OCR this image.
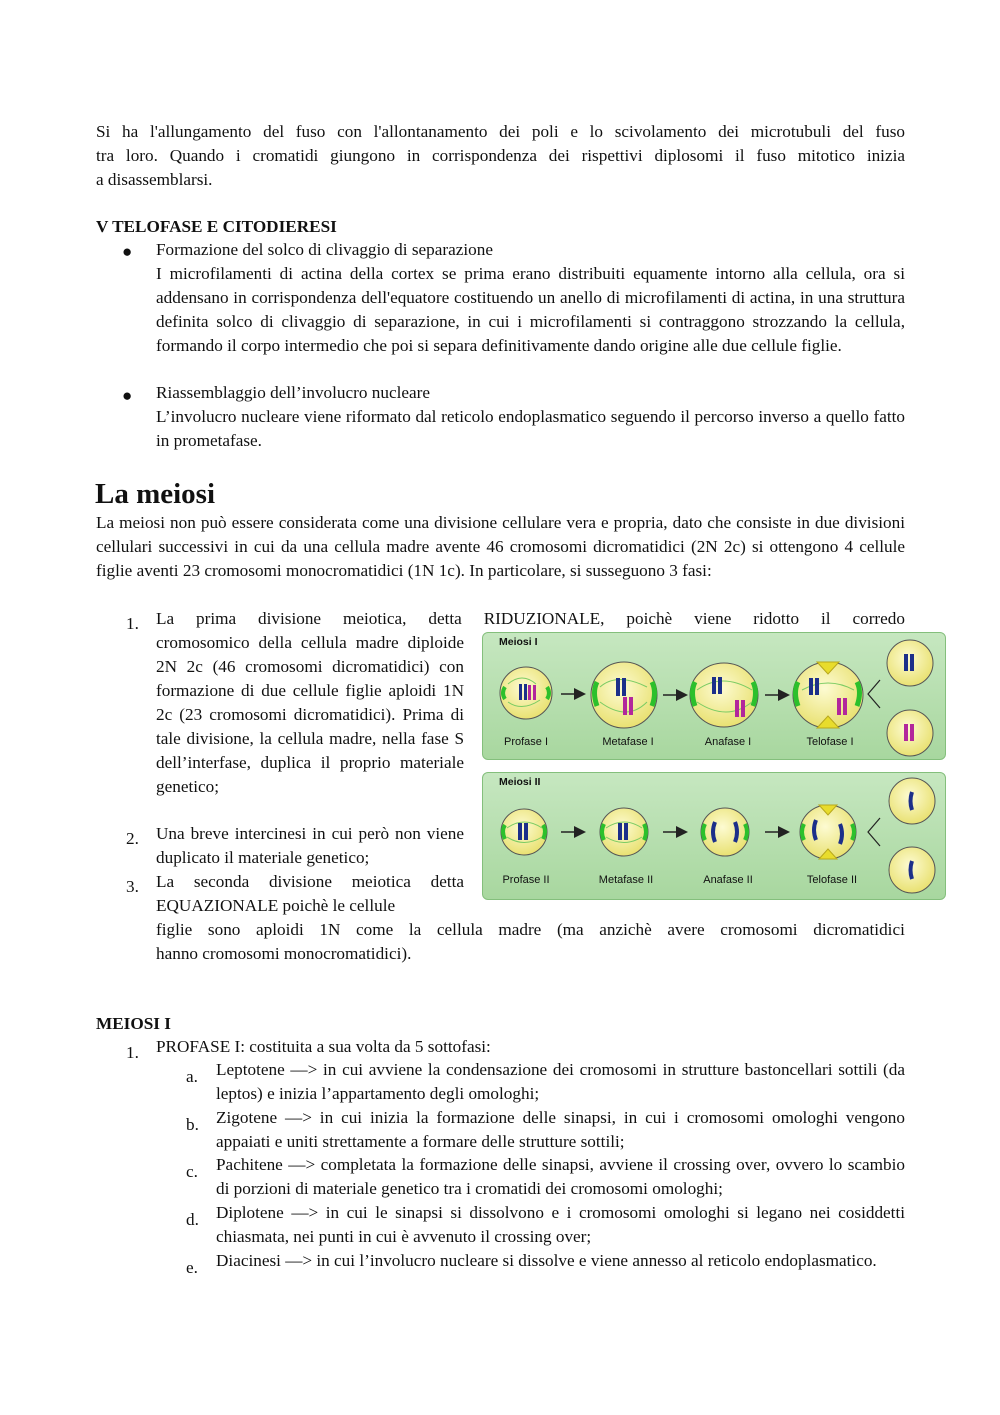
Si ha l'allungamento del fuso con l'allontanamento dei poli e lo scivolamento dei microtubuli del fuso
tra loro. Quando i cromatidi giungono in corrispondenza dei rispettivi diplosomi il fuso mitotico inizia
a disassemblarsi.
V TELOFASE E CITODIERESI
● Formazione del solco di clivaggio di separazione
I microfilamenti di actina della cortex se prima erano distribuiti equamente intorno alla cellula, ora si addensano in corrispondenza dell'equatore costituendo un anello di microfilamenti di actina, in una struttura definita solco di clivaggio di separazione, in cui i microfilamenti si contraggono strozzando la cellula, formando il corpo intermedio che poi si separa definitivamente dando origine alle due cellule figlie.
● Riassemblaggio dell’involucro nucleare
L’involucro nucleare viene riformato dal reticolo endoplasmatico seguendo il percorso inverso a quello fatto in prometafase.
La meiosi
La meiosi non può essere considerata come una divisione cellulare vera e propria, dato che consiste in due divisioni cellulari successivi in cui da una cellula madre avente 46 cromosomi dicromatidici (2N 2c) si ottengono 4 cellule figlie aventi 23 cromosomi monocromatidici (1N 1c). In particolare, si susseguono 3 fasi:
1. La prima divisione meiotica, detta RIDUZIONALE, poichè viene ridotto il corredo
cromosomico della cellula madre diploide 2N 2c (46 cromosomi dicromatidici) con formazione di due cellule figlie aploidi 1N 2c (23 cromosomi dicromatidici). Prima di tale divisione, la cellula madre, nella fase S dell’interfase, duplica il proprio materiale genetico;
2. Una breve intercinesi in cui però non viene duplicato il materiale genetico;
3. La seconda divisione meiotica detta EQUAZIONALE poichè le cellule
figlie sono aploidi 1N come la cellula madre (ma anzichè avere cromosomi dicromatidici
hanno cromosomi monocromatidici).
Meiosi I
Meiosi II
Profase I	Metafase I	Anafase I	Telofase I
Profase II	Metafase II	Anafase II	Telofase II
MEIOSI I
1. PROFASE I: costituita a sua volta da 5 sottofasi:
a. Leptotene —> in cui avviene la condensazione dei cromosomi in strutture bastoncellari sottili (da leptos) e inizia l’appartamento degli omologhi;
b. Zigotene —> in cui inizia la formazione delle sinapsi, in cui i cromosomi omologhi vengono appaiati e uniti strettamente a formare delle strutture sottili;
c. Pachitene —> completata la formazione delle sinapsi, avviene il crossing over, ovvero lo scambio di porzioni di materiale genetico tra i cromatidi dei cromosomi omologhi;
d. Diplotene —> in cui le sinapsi si dissolvono e i cromosomi omologhi si legano nei cosiddetti chiasmata, nei punti in cui è avvenuto il crossing over;
e. Diacinesi —> in cui l’involucro nucleare si dissolve e viene annesso al reticolo endoplasmatico.
